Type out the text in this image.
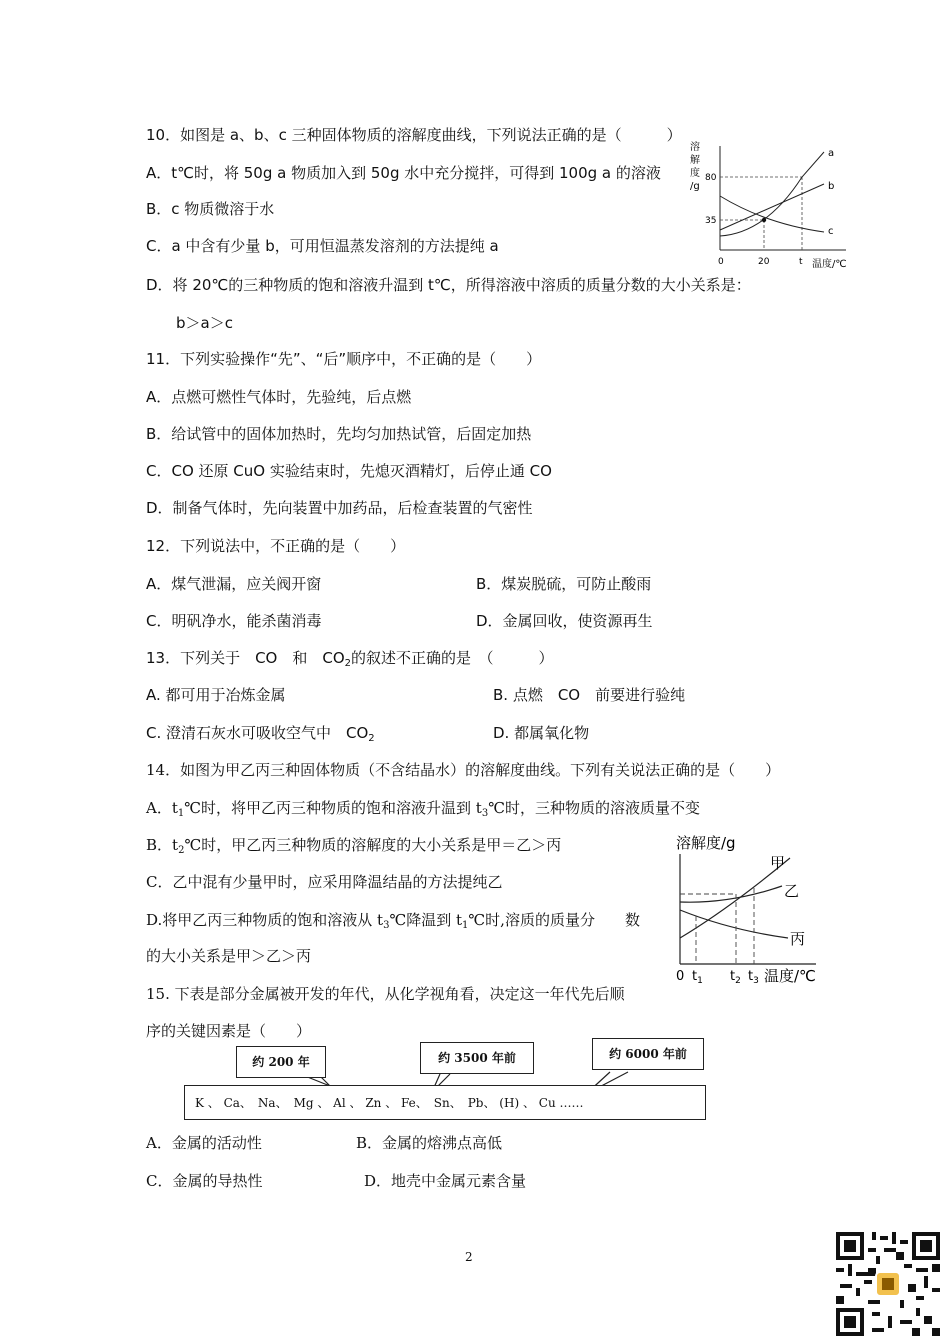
10．如图是 a、b、c 三种固体物质的溶解度曲线，下列说法正确的是（　　　）
A．t℃时，将 50g a 物质加入到 50g 水中充分搅拌，可得到 100g a 的溶液
B．c 物质微溶于水
C．a 中含有少量 b，可用恒温蒸发溶剂的方法提纯 a
D．将 20℃的三种物质的饱和溶液升温到 t℃，所得溶液中溶质的质量分数的大小关系是：
b＞a＞c
溶
解
度
/g
a
b
c
80
35
0	20	t 温度/℃
11．下列实验操作“先”、“后”顺序中，不正确的是（　　）
A．点燃可燃性气体时，先验纯，后点燃
B．给试管中的固体加热时，先均匀加热试管，后固定加热
C．CO 还原 CuO 实验结束时，先熄灭酒精灯，后停止通 CO
D．制备气体时，先向装置中加药品，后检查装置的气密性
12．下列说法中，不正确的是（　　）
A．煤气泄漏，应关阀开窗	B．煤炭脱硫，可防止酸雨
C．明矾净水，能杀菌消毒	D．金属回收，使资源再生
13．下列关于　CO　和　$CO_2$的叙述不正确的是　（　　　）
A. 都可用于冶炼金属	B. 点燃　CO　前要进行验纯
C. 澄清石灰水可吸收空气中　$CO_2$	D. 都属氧化物
14．如图为甲乙丙三种固体物质（不含结晶水）的溶解度曲线。下列有关说法正确的是（　　）
A．$t_1℃$时，将甲乙丙三种物质的饱和溶液升温到 $t_3℃$时，三种物质的溶液质量不变
B．$t_2℃$时，甲乙丙三种物质的溶解度的大小关系是甲＝乙＞丙
C．乙中混有少量甲时，应采用降温结晶的方法提纯乙
D.将甲乙丙三种物质的饱和溶液从 $t_3℃$降温到 $t_1℃$时,溶质的质量分　　数
的大小关系是甲＞乙＞丙
溶解度/g
甲
乙
丙
0 $t_1$ $t_2$ $t_3$ 温度/℃
15. 下表是部分金属被开发的年代，从化学视角看，决定这一年代先后顺
序的关键因素是（　　）
K 、 Ca、　Na、　Mg 、 Al 、 Zn 、 Fe、　Sn、　Pb、 (H) 、 Cu ……
约 200 年	约 3500 年前	约 6000 年前
A．金属的活动性	B．金属的熔沸点高低
C．金属的导热性	D．地壳中金属元素含量
2
